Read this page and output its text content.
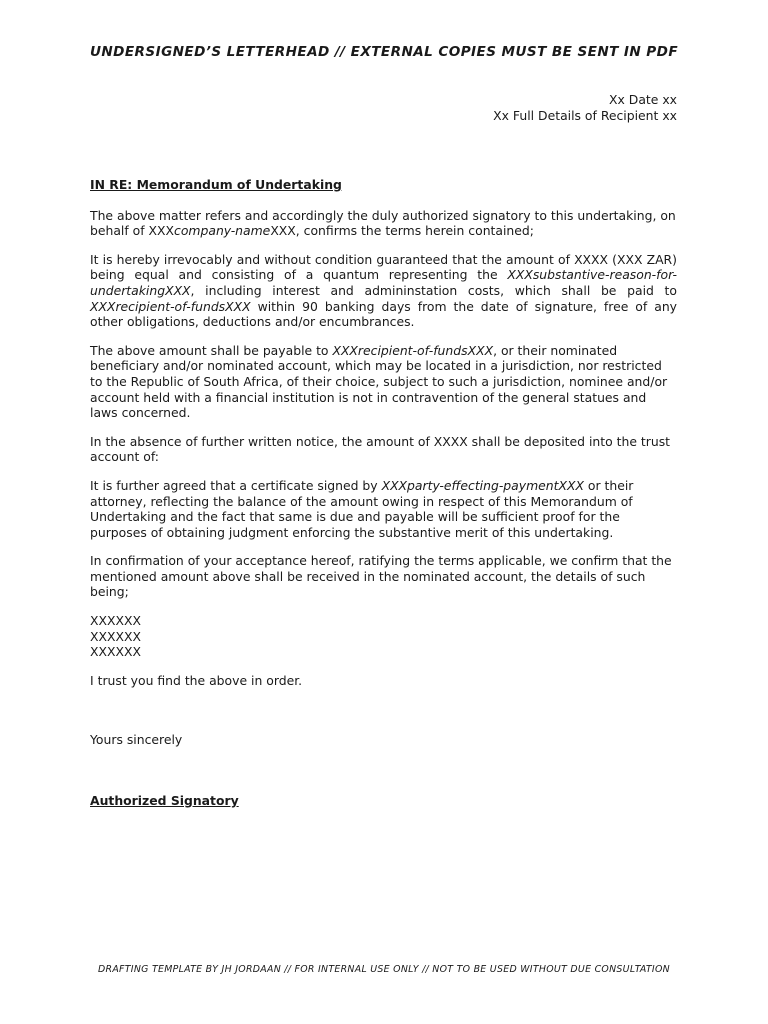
UNDERSIGNED’S LETTERHEAD // EXTERNAL COPIES MUST BE SENT IN PDF
Xx Date xx
Xx Full Details of Recipient xx
IN RE: Memorandum of Undertaking

The above matter refers and accordingly the duly authorized signatory to this undertaking, on behalf of XXXcompany-nameXXX, confirms the terms herein contained;

It is hereby irrevocably and without condition guaranteed that the amount of XXXX (XXX ZAR) being equal and consisting of a quantum representing the XXXsubstantive-reason-for-undertakingXXX, including interest and admininstation costs, which shall be paid to XXXrecipient-of-fundsXXX within 90 banking days from the date of signature, free of any other obligations, deductions and/or encumbrances.

The above amount shall be payable to XXXrecipient-of-fundsXXX, or their nominated beneficiary and/or nominated account, which may be located in a jurisdiction, nor restricted to the Republic of South Africa, of their choice, subject to such a jurisdiction, nominee and/or account held with a financial institution is not in contravention of the general statues and laws concerned.

In the absence of further written notice, the amount of XXXX shall be deposited into the trust account of:

It is further agreed that a certificate signed by XXXparty-effecting-paymentXXX or their attorney, reflecting the balance of the amount owing in respect of this Memorandum of Undertaking and the fact that same is due and payable will be sufficient proof for the purposes of obtaining judgment enforcing the substantive merit of this undertaking.

In confirmation of your acceptance hereof, ratifying the terms applicable, we confirm that the mentioned amount above shall be received in the nominated account, the details of such being;

XXXXXX
XXXXXX
XXXXXX
I trust you find the above in order.
Yours sincerely
Authorized Signatory
DRAFTING TEMPLATE BY JH JORDAAN // FOR INTERNAL USE ONLY // NOT TO BE USED WITHOUT DUE CONSULTATION
